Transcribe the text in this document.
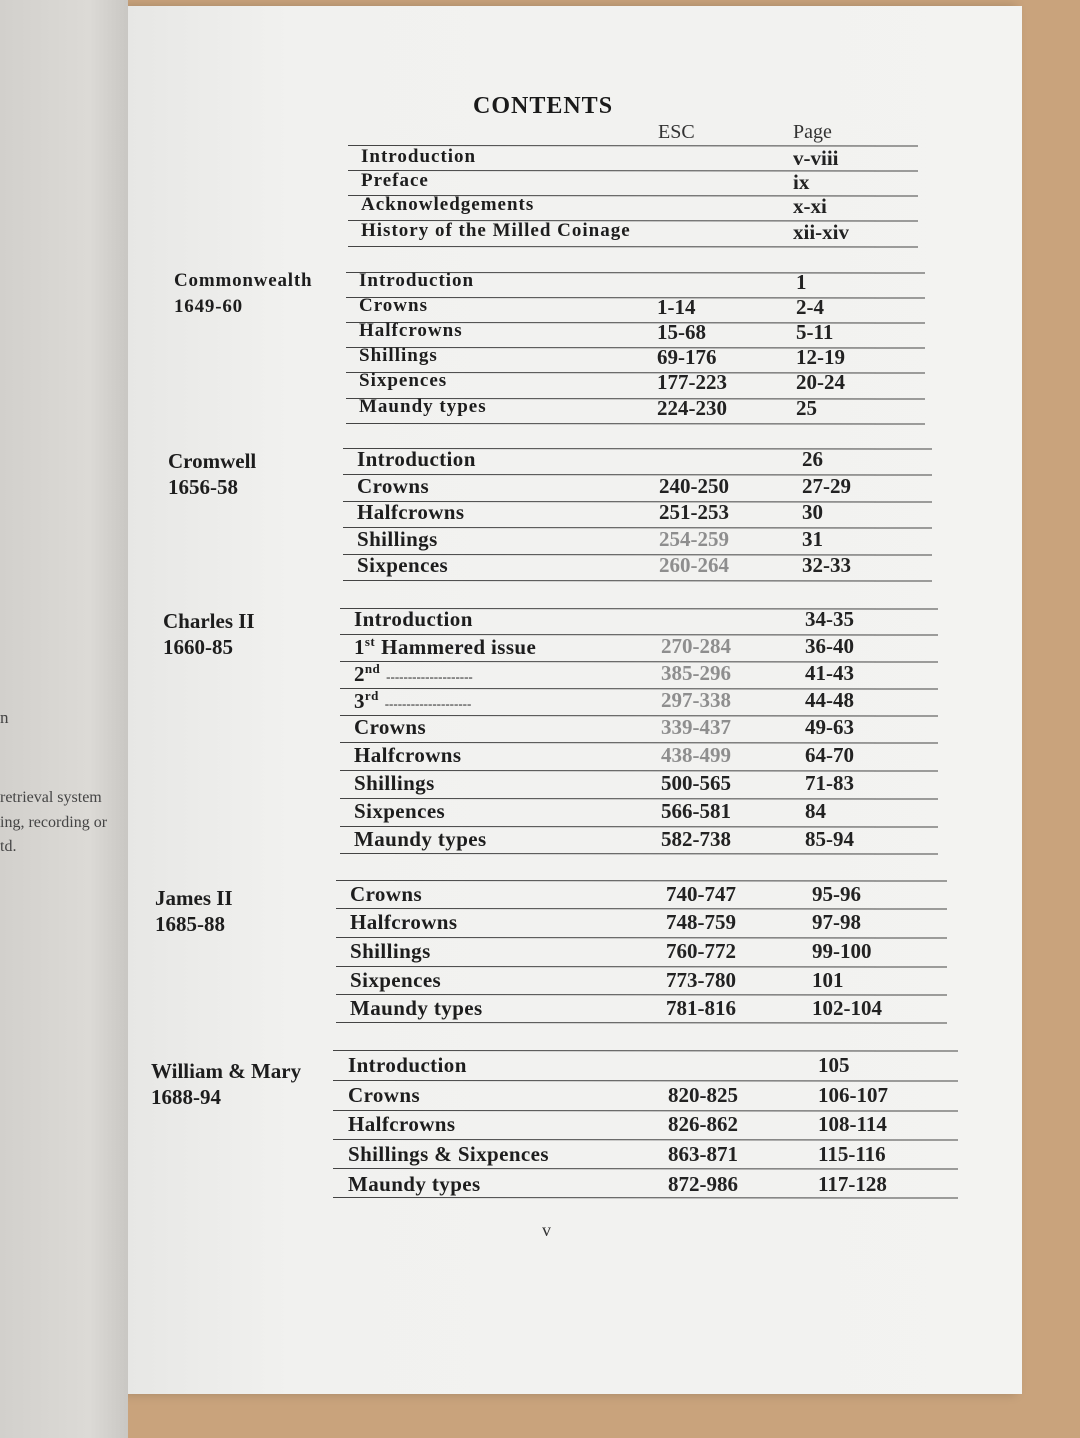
n
retrieval system
ing, recording or
td.
CONTENTS
ESC	Page
v
Introduction	v-viii
Preface	ix
Acknowledgements	x-xi
History of the Milled Coinage	xii-xiv
Commonwealth
1649-60
Introduction	1
Crowns	1-14	2-4
Halfcrowns	15-68	5-11
Shillings	69-176	12-19
Sixpences	177-223	20-24
Maundy types	224-230	25
Cromwell
1656-58
Introduction	26
Crowns	240-250	27-29
Halfcrowns	251-253	30
Shillings	254-259	31
Sixpences	260-264	32-33
Charles II
1660-85
Introduction	34-35
1st Hammered issue	270-284	36-40
2nd--------------------	385-296	41-43
3rd--------------------	297-338	44-48
Crowns	339-437	49-63
Halfcrowns	438-499	64-70
Shillings	500-565	71-83
Sixpences	566-581	84
Maundy types	582-738	85-94
James II
1685-88
Crowns	740-747	95-96
Halfcrowns	748-759	97-98
Shillings	760-772	99-100
Sixpences	773-780	101
Maundy types	781-816	102-104
William & Mary
1688-94
Introduction	105
Crowns	820-825	106-107
Halfcrowns	826-862	108-114
Shillings & Sixpences	863-871	115-116
Maundy types	872-986	117-128
